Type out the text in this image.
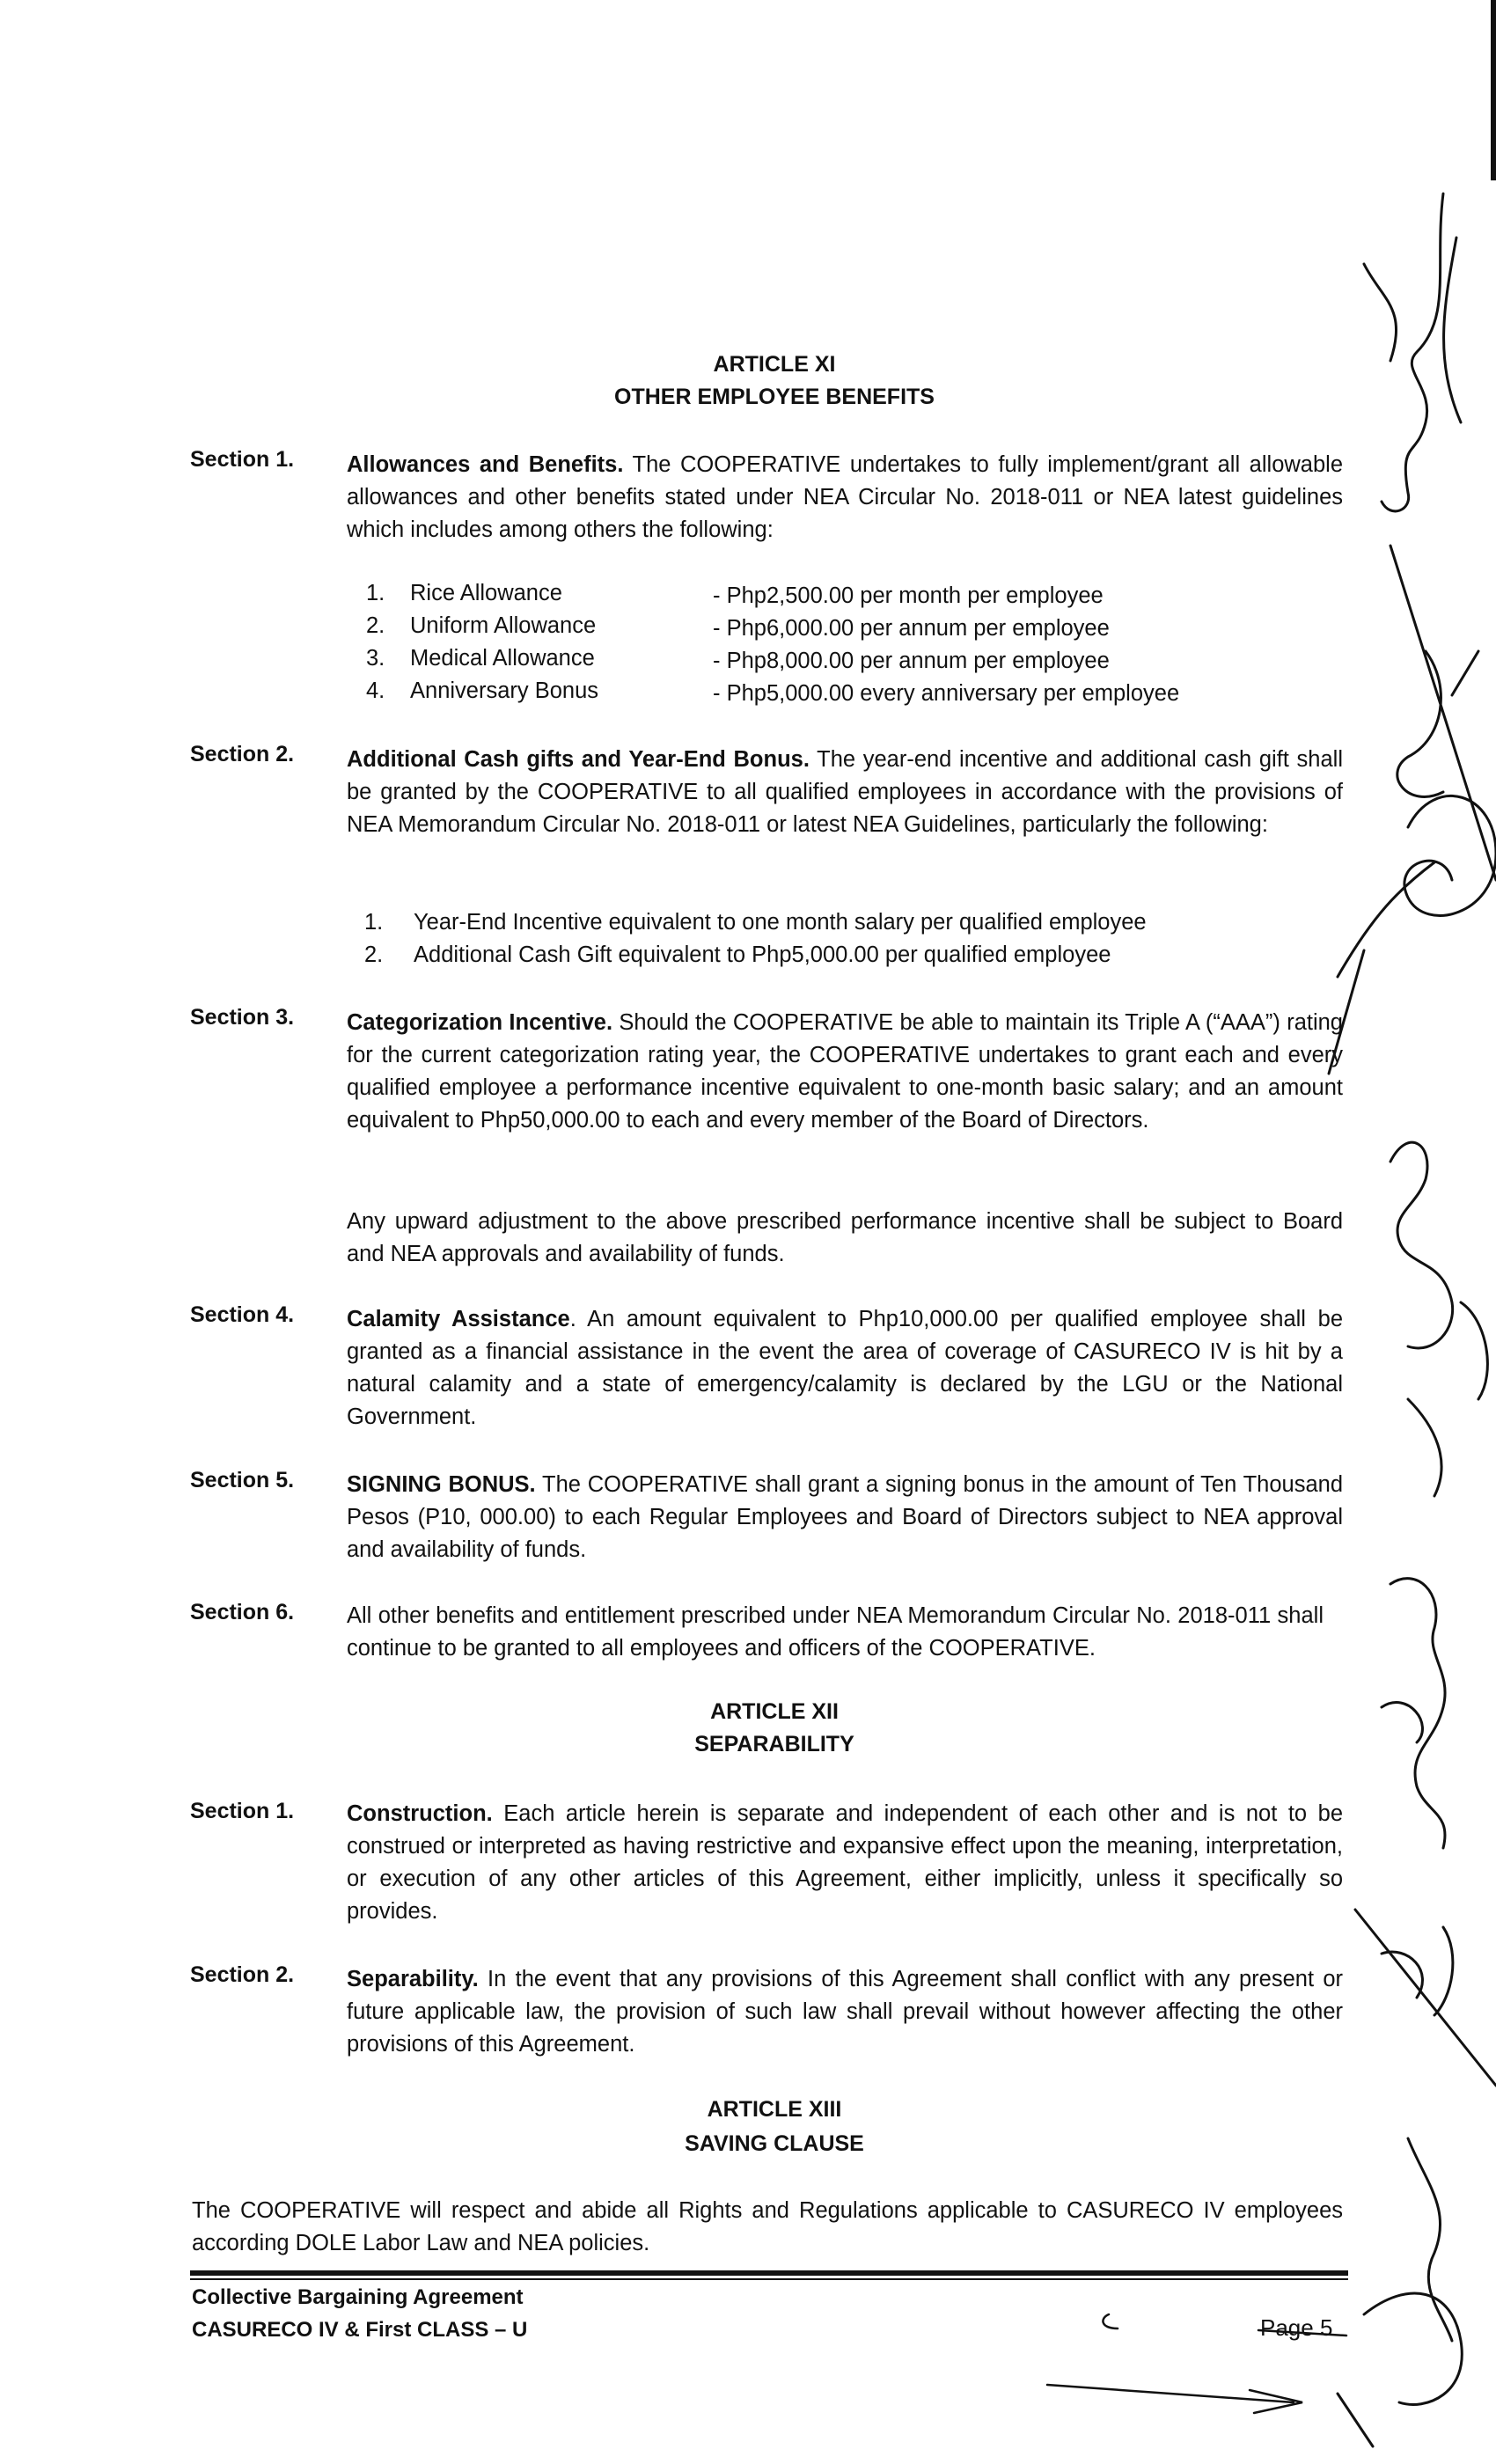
ARTICLE XI
OTHER EMPLOYEE BENEFITS
Section 1. Allowances and Benefits. The COOPERATIVE undertakes to fully implement/grant all allowable allowances and other benefits stated under NEA Circular No. 2018-011 or NEA latest guidelines which includes among others the following:
1. Rice Allowance	- Php2,500.00 per month per employee
2. Uniform Allowance	- Php6,000.00 per annum per employee
3. Medical Allowance	- Php8,000.00 per annum per employee
4. Anniversary Bonus	- Php5,000.00 every anniversary per employee
Section 2. Additional Cash gifts and Year-End Bonus. The year-end incentive and additional cash gift shall be granted by the COOPERATIVE to all qualified employees in accordance with the provisions of NEA Memorandum Circular No. 2018-011 or latest NEA Guidelines, particularly the following:
1. Year-End Incentive equivalent to one month salary per qualified employee
2. Additional Cash Gift equivalent to Php5,000.00 per qualified employee
Section 3. Categorization Incentive. Should the COOPERATIVE be able to maintain its Triple A (“AAA”) rating for the current categorization rating year, the COOPERATIVE undertakes to grant each and every qualified employee a performance incentive equivalent to one-month basic salary; and an amount equivalent to Php50,000.00 to each and every member of the Board of Directors.
Any upward adjustment to the above prescribed performance incentive shall be subject to Board and NEA approvals and availability of funds.
Section 4. Calamity Assistance. An amount equivalent to Php10,000.00 per qualified employee shall be granted as a financial assistance in the event the area of coverage of CASURECO IV is hit by a natural calamity and a state of emergency/calamity is declared by the LGU or the National Government.
Section 5. SIGNING BONUS. The COOPERATIVE shall grant a signing bonus in the amount of Ten Thousand Pesos (P10, 000.00) to each Regular Employees and Board of Directors subject to NEA approval and availability of funds.
Section 6. All other benefits and entitlement prescribed under NEA Memorandum Circular No. 2018-011 shall continue to be granted to all employees and officers of the COOPERATIVE.
ARTICLE XII
SEPARABILITY
Section 1. Construction. Each article herein is separate and independent of each other and is not to be construed or interpreted as having restrictive and expansive effect upon the meaning, interpretation, or execution of any other articles of this Agreement, either implicitly, unless it specifically so provides.
Section 2. Separability. In the event that any provisions of this Agreement shall conflict with any present or future applicable law, the provision of such law shall prevail without however affecting the other provisions of this Agreement.
ARTICLE XIII
SAVING CLAUSE
The COOPERATIVE will respect and abide all Rights and Regulations applicable to CASURECO IV employees according DOLE Labor Law and NEA policies.
Collective Bargaining Agreement
CASURECO IV & First CLASS – U	Page 5
